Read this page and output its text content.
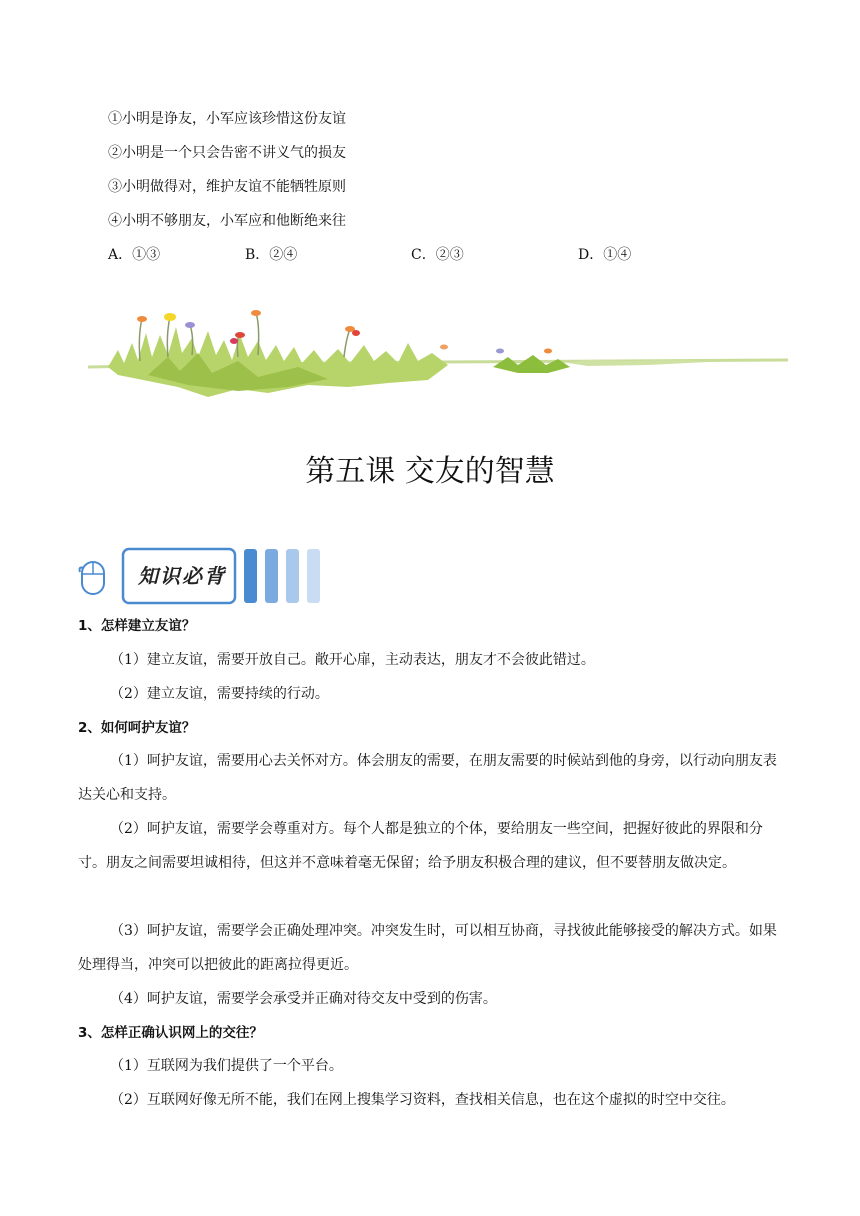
①小明是诤友，小军应该珍惜这份友谊
②小明是一个只会告密不讲义气的损友
③小明做得对，维护友谊不能牺牲原则
④小明不够朋友，小军应和他断绝来往
A．①③	B．②④	C．②③	D．①④
第五课 交友的智慧
知识必背
1、怎样建立友谊？
（1）建立友谊，需要开放自己。敞开心扉，主动表达，朋友才不会彼此错过。
（2）建立友谊，需要持续的行动。
2、如何呵护友谊？
（1）呵护友谊，需要用心去关怀对方。体会朋友的需要，在朋友需要的时候站到他的身旁，以行动向朋友表达关心和支持。
（2）呵护友谊，需要学会尊重对方。每个人都是独立的个体，要给朋友一些空间，把握好彼此的界限和分寸。朋友之间需要坦诚相待，但这并不意味着毫无保留；给予朋友积极合理的建议，但不要替朋友做决定。
（3）呵护友谊，需要学会正确处理冲突。冲突发生时，可以相互协商，寻找彼此能够接受的解决方式。如果处理得当，冲突可以把彼此的距离拉得更近。
（4）呵护友谊，需要学会承受并正确对待交友中受到的伤害。
3、怎样正确认识网上的交往？
（1）互联网为我们提供了一个平台。
（2）互联网好像无所不能，我们在网上搜集学习资料，查找相关信息，也在这个虚拟的时空中交往。
